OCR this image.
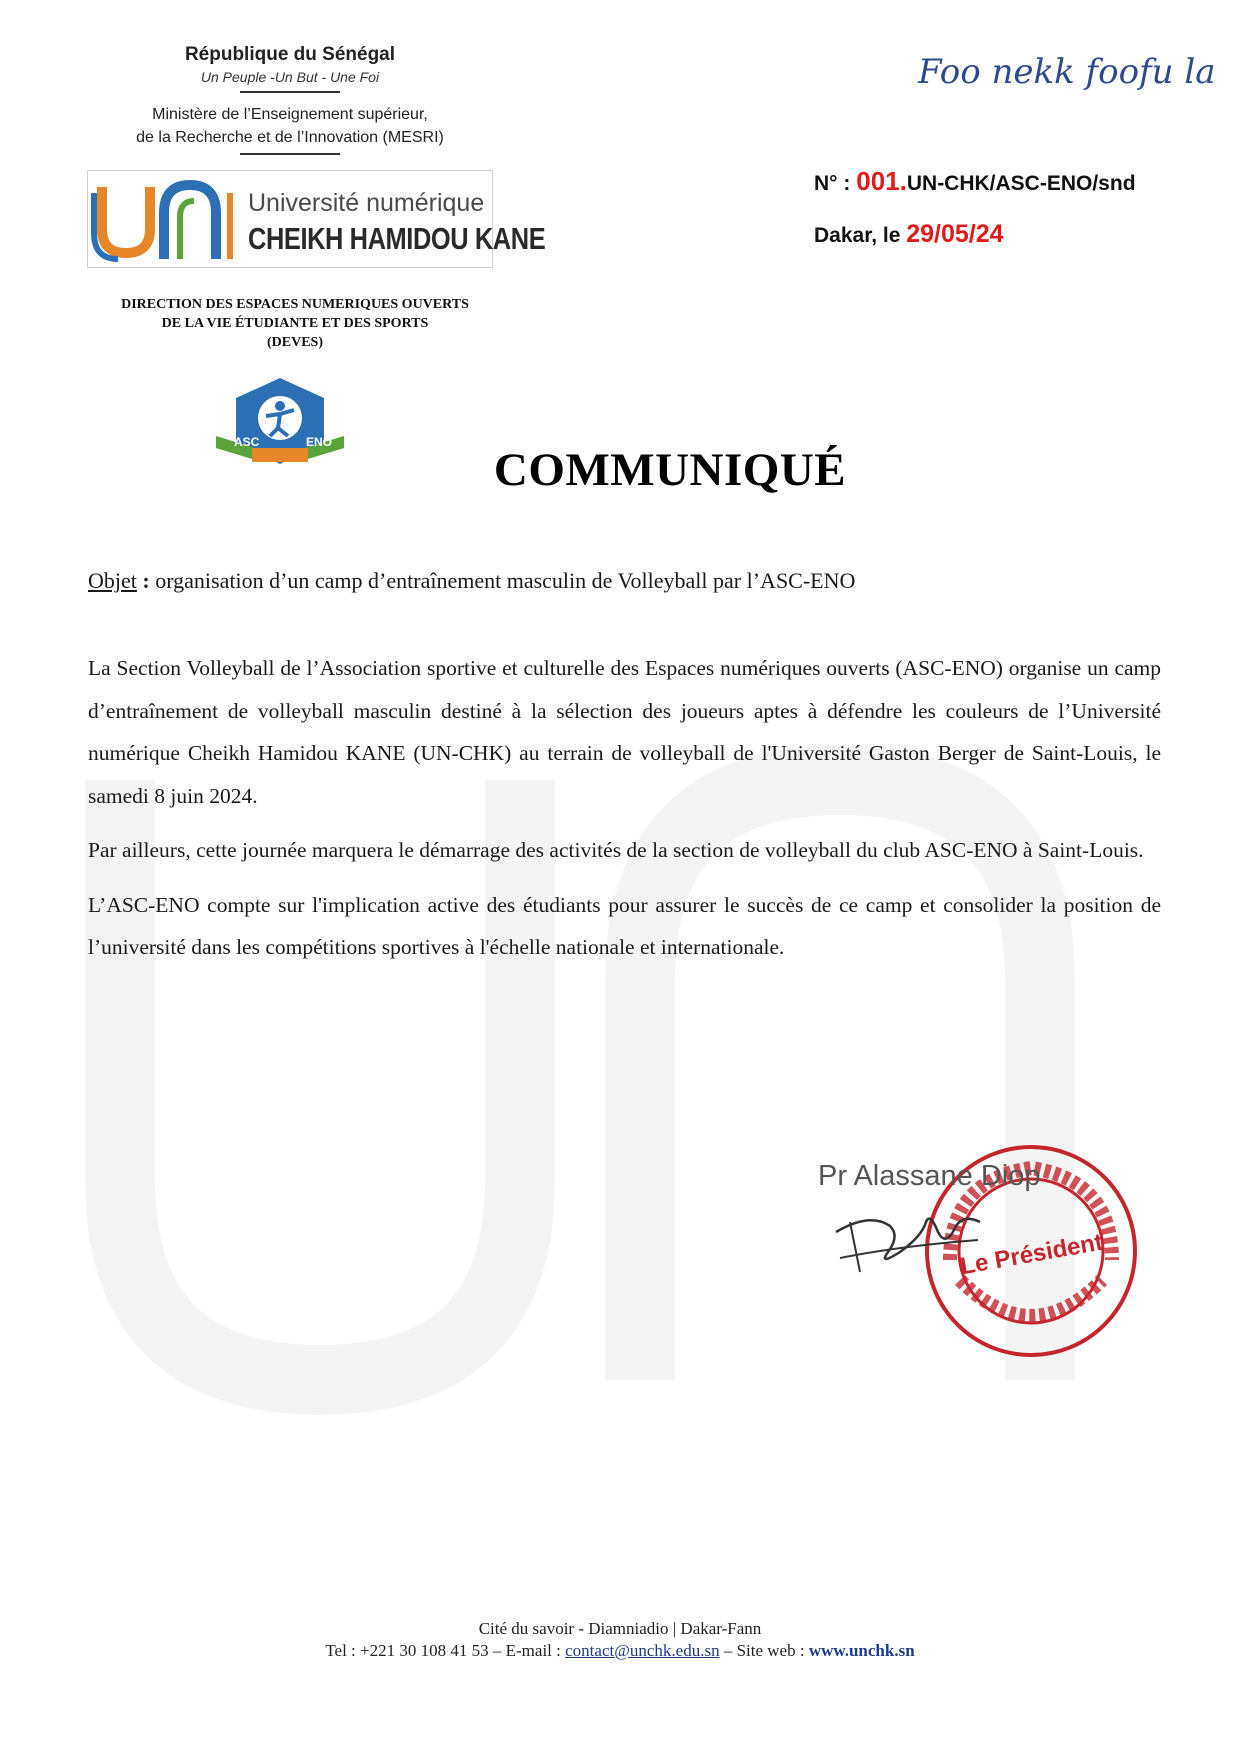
République du Sénégal
Un Peuple -Un But - Une Foi
Ministère de l’Enseignement supérieur,
de la Recherche et de l’Innovation (MESRI)
Université numérique
CHEIKH HAMIDOU KANE
DIRECTION DES ESPACES NUMERIQUES OUVERTS
DE LA VIE ÉTUDIANTE ET DES SPORTS
(DEVES)
ASC	ENO
Foo nekk foofu la
N° : 001.UN-CHK/ASC-ENO/snd
Dakar, le 29/05/24
COMMUNIQUÉ
Objet : organisation d’un camp d’entraînement masculin de Volleyball par l’ASC-ENO

La Section Volleyball de l’Association sportive et culturelle des Espaces numériques ouverts (ASC-ENO) organise un camp d’entraînement de volleyball masculin destiné à la sélection des joueurs aptes à défendre les couleurs de l’Université numérique Cheikh Hamidou KANE (UN-CHK) au terrain de volleyball de l'Université Gaston Berger de Saint-Louis, le samedi 8 juin 2024.

Par ailleurs, cette journée marquera le démarrage des activités de la section de volleyball du club ASC-ENO à Saint-Louis.

L’ASC-ENO compte sur l'implication active des étudiants pour assurer le succès de ce camp et consolider la position de l’université dans les compétitions sportives à l'échelle nationale et internationale.

Le Président
Pr Alassane Diop
Cité du savoir - Diamniadio | Dakar-Fann
Tel : +221 30 108 41 53 – E-mail : contact@unchk.edu.sn – Site web : www.unchk.sn
